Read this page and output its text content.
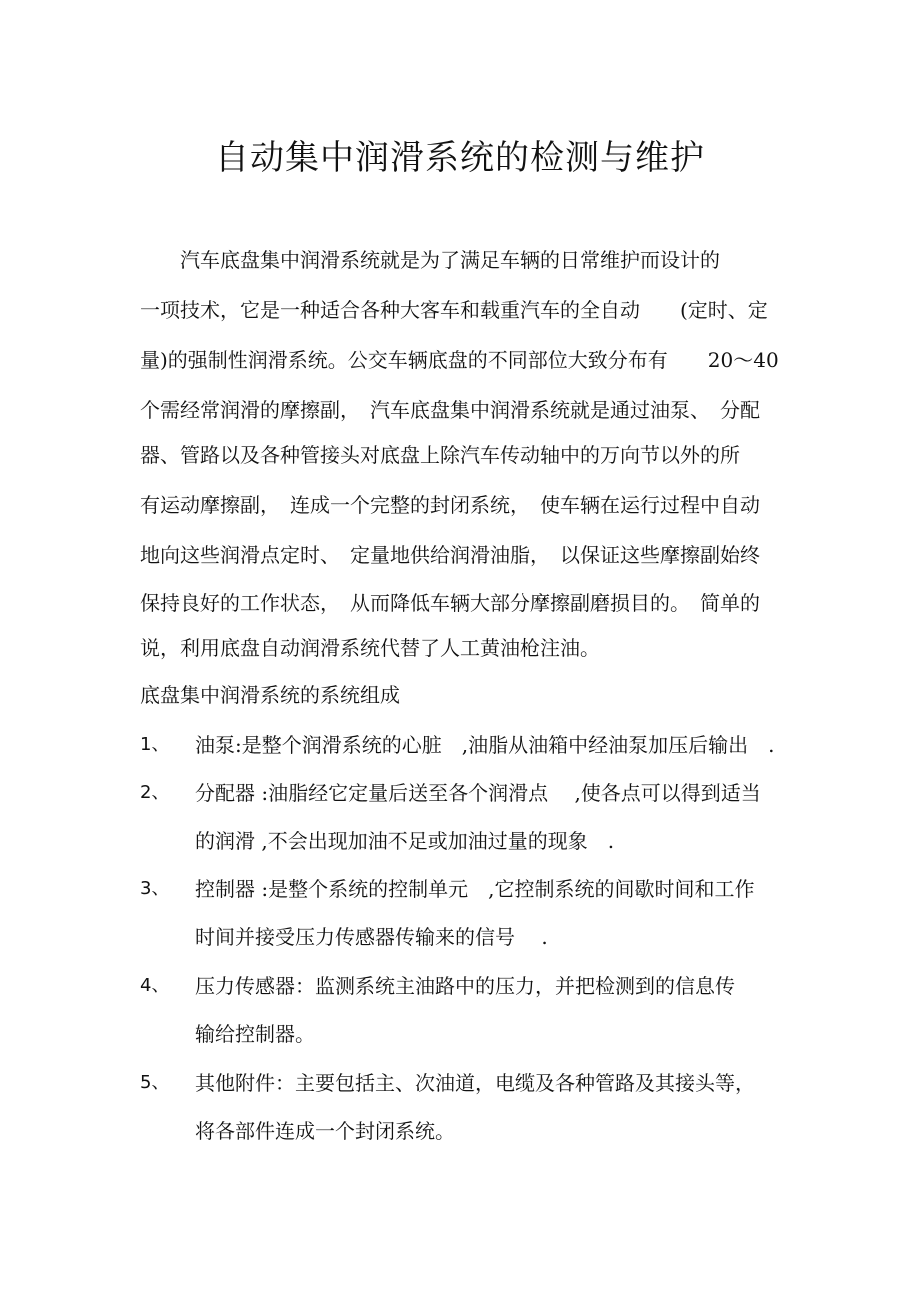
自动集中润滑系统的检测与维护
汽车底盘集中润滑系统就是为了满足车辆的日常维护而设计的
一项技术，它是一种适合各种大客车和载重汽车的全自动　　(定时、定
量)的强制性润滑系统。公交车辆底盘的不同部位大致分布有　　20～40
个需经常润滑的摩擦副，　汽车底盘集中润滑系统就是通过油泵、　分配
器、管路以及各种管接头对底盘上除汽车传动轴中的万向节以外的所
有运动摩擦副，　连成一个完整的封闭系统，　使车辆在运行过程中自动
地向这些润滑点定时、　定量地供给润滑油脂，　以保证这些摩擦副始终
保持良好的工作状态，　从而降低车辆大部分摩擦副磨损目的。　简单的
说，利用底盘自动润滑系统代替了人工黄油枪注油。
底盘集中润滑系统的系统组成
1、 油泵:是整个润滑系统的心脏　,油脂从油箱中经油泵加压后输出　.
2、 分配器 :油脂经它定量后送至各个润滑点　 ,使各点可以得到适当
的润滑 ,不会出现加油不足或加油过量的现象　.
3、 控制器 :是整个系统的控制单元　,它控制系统的间歇时间和工作
时间并接受压力传感器传输来的信号　 .
4、 压力传感器：监测系统主油路中的压力，并把检测到的信息传
输给控制器。
5、 其他附件：主要包括主、次油道，电缆及各种管路及其接头等，
将各部件连成一个封闭系统。
